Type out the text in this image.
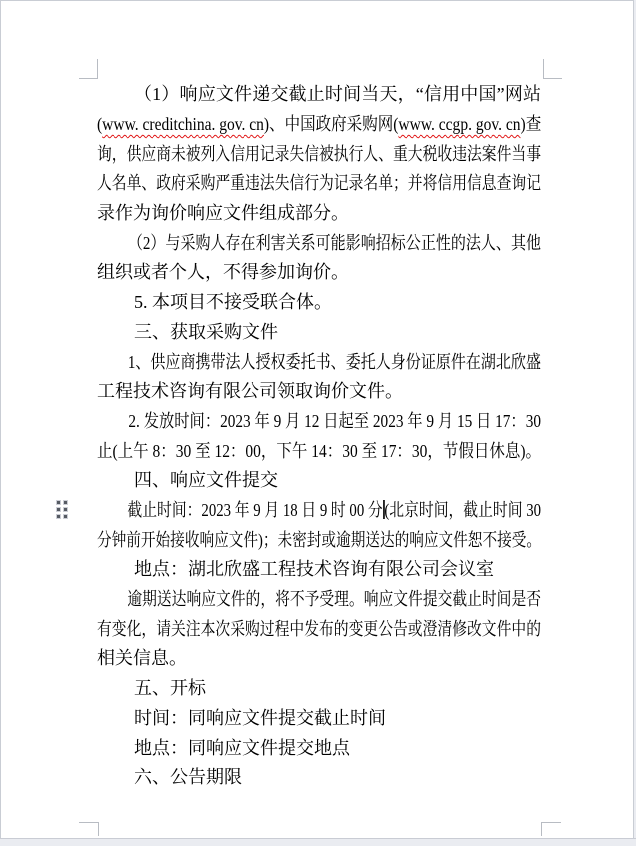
（1）响应文件递交截止时间当天，“信用中国”网站
(www. creditchina. gov. cn)、中国政府采购网(www. ccgp. gov. cn)查
询，供应商未被列入信用记录失信被执行人、重大税收违法案件当事
人名单、政府采购严重违法失信行为记录名单；并将信用信息查询记
录作为询价响应文件组成部分。
（2）与采购人存在利害关系可能影响招标公正性的法人、其他
组织或者个人，不得参加询价。
5. 本项目不接受联合体。
三、获取采购文件
1、供应商携带法人授权委托书、委托人身份证原件在湖北欣盛
工程技术咨询有限公司领取询价文件。
2. 发放时间：2023 年 9 月 12 日起至 2023 年 9 月 15 日 17：30
止(上午 8：30 至 12：00，下午 14：30 至 17：30，节假日休息)。
四、响应文件提交
截止时间：2023 年 9 月 18 日 9 时 00 分(北京时间，截止时间 30
分钟前开始接收响应文件)；未密封或逾期送达的响应文件恕不接受。
地点：湖北欣盛工程技术咨询有限公司会议室
逾期送达响应文件的，将不予受理。响应文件提交截止时间是否
有变化，请关注本次采购过程中发布的变更公告或澄清修改文件中的
相关信息。
五、开标
时间：同响应文件提交截止时间
地点：同响应文件提交地点
六、公告期限
